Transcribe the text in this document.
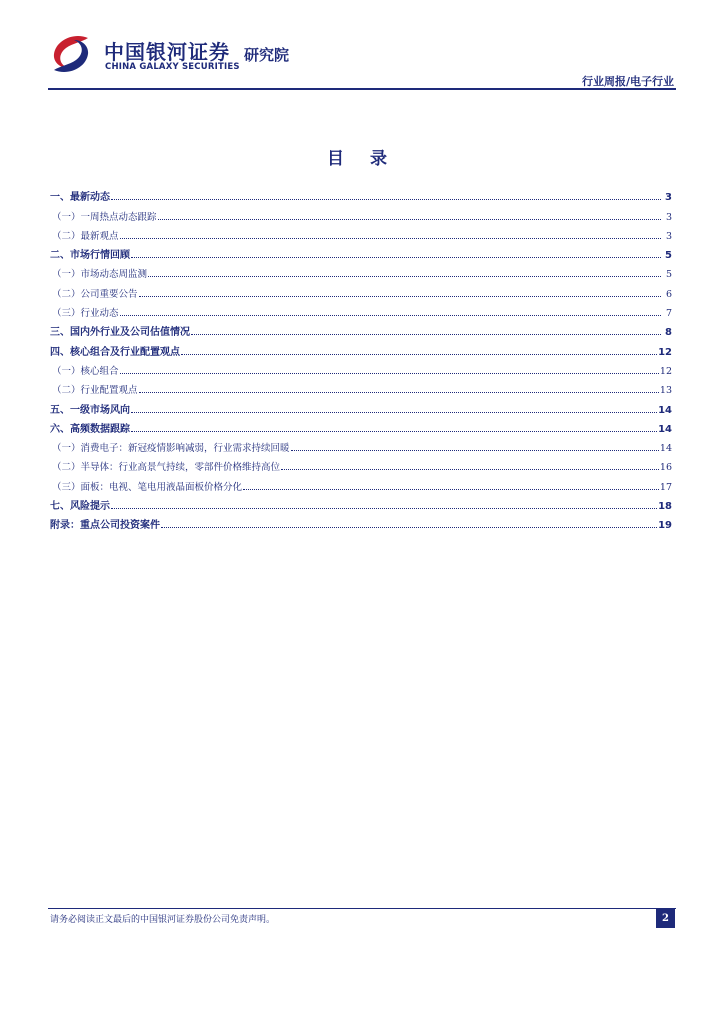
中国银河证券
CHINA GALAXY SECURITIES
研究院
行业周报/电子行业
目 录
一、最新动态	3
（一）一周热点动态跟踪	3
（二）最新观点	3
二、市场行情回顾	5
（一）市场动态周监测	5
（二）公司重要公告	6
（三）行业动态	7
三、国内外行业及公司估值情况	8
四、核心组合及行业配置观点	12
（一）核心组合	12
（二）行业配置观点	13
五、一级市场风向	14
六、高频数据跟踪	14
（一）消费电子：新冠疫情影响减弱，行业需求持续回暖	14
（二）半导体：行业高景气持续，零部件价格维持高位	16
（三）面板：电视、笔电用液晶面板价格分化	17
七、风险提示	18
附录：重点公司投资案件	19
请务必阅读正文最后的中国银河证券股份公司免责声明。	2
